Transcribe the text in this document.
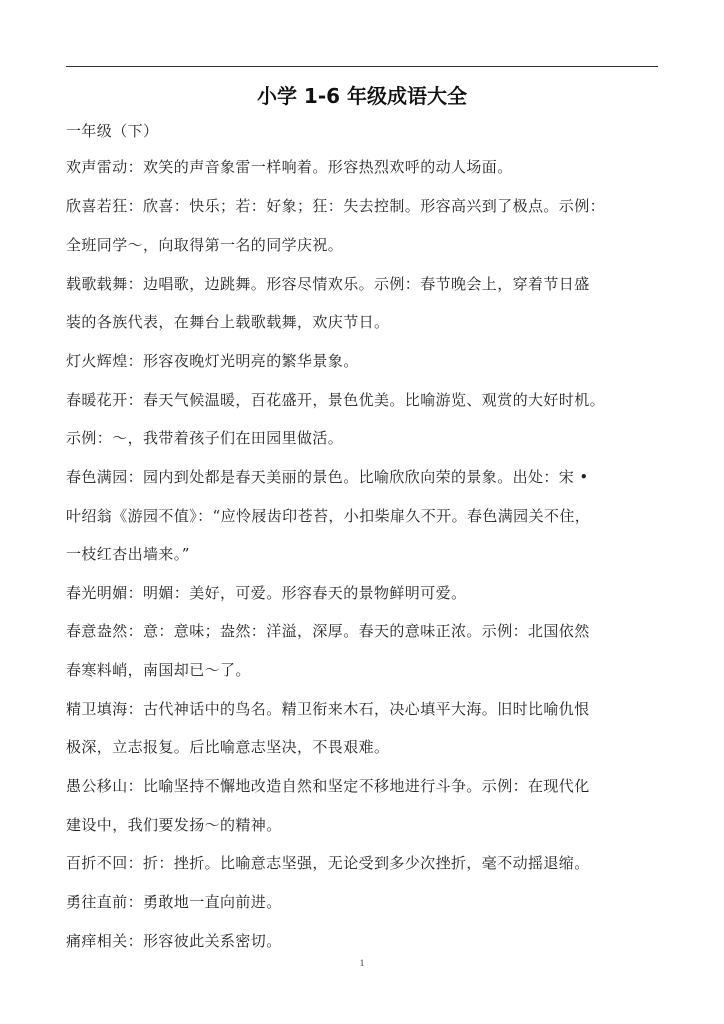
小学 1-6 年级成语大全
一年级（下）
欢声雷动：欢笑的声音象雷一样响着。形容热烈欢呼的动人场面。
欣喜若狂：欣喜：快乐；若：好象；狂：失去控制。形容高兴到了极点。示例：
全班同学～，向取得第一名的同学庆祝。
载歌载舞：边唱歌，边跳舞。形容尽情欢乐。示例：春节晚会上，穿着节日盛
装的各族代表，在舞台上载歌载舞，欢庆节日。
灯火辉煌：形容夜晚灯光明亮的繁华景象。
春暖花开：春天气候温暖，百花盛开，景色优美。比喻游览、观赏的大好时机。
示例：～，我带着孩子们在田园里做活。
春色满园：园内到处都是春天美丽的景色。比喻欣欣向荣的景象。出处：宋 •
叶绍翁《游园不值》：“应怜屐齿印苍苔，小扣柴扉久不开。春色满园关不住，
一枝红杏出墙来。”
春光明媚：明媚：美好，可爱。形容春天的景物鲜明可爱。
春意盎然：意：意味；盎然：洋溢，深厚。春天的意味正浓。示例：北国依然
春寒料峭，南国却已～了。
精卫填海：古代神话中的鸟名。精卫衔来木石，决心填平大海。旧时比喻仇恨
极深，立志报复。后比喻意志坚决，不畏艰难。
愚公移山：比喻坚持不懈地改造自然和坚定不移地进行斗争。示例：在现代化
建设中，我们要发扬～的精神。
百折不回：折：挫折。比喻意志坚强，无论受到多少次挫折，毫不动摇退缩。
勇往直前：勇敢地一直向前进。
痛痒相关：形容彼此关系密切。
1
